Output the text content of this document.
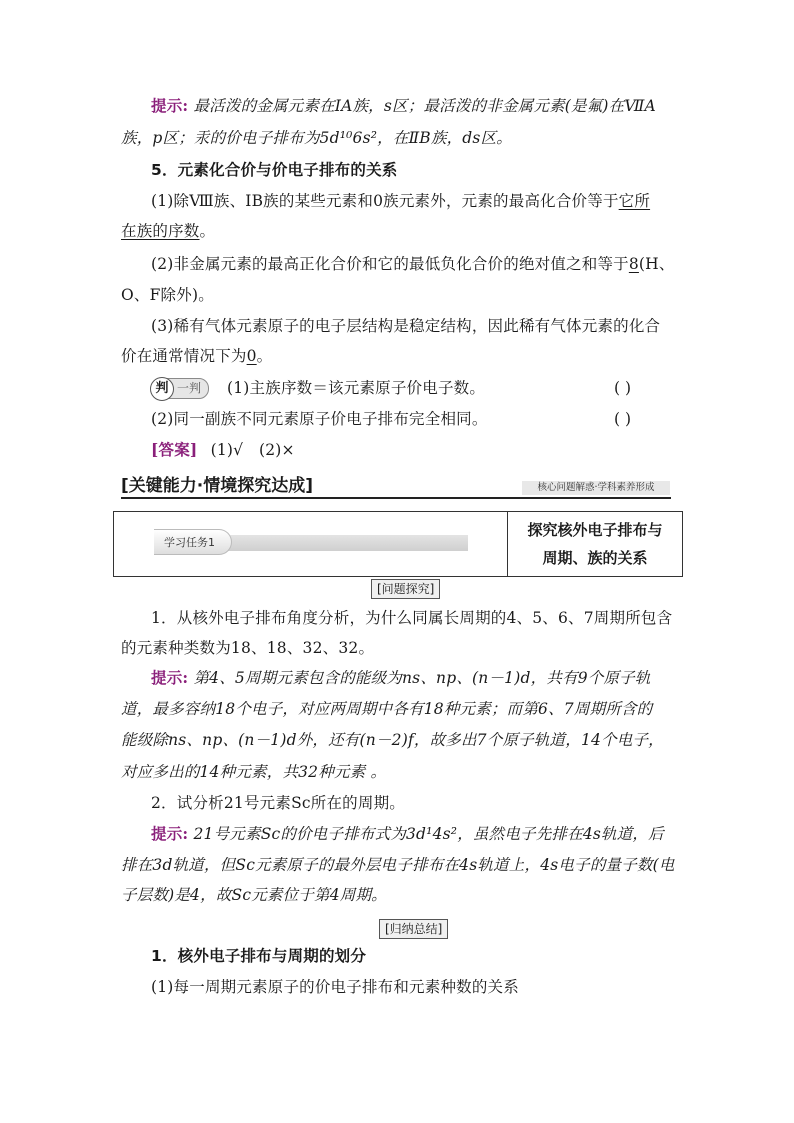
提示: 最活泼的金属元素在ⅠA族，s区；最活泼的非金属元素(是氟)在ⅦA
族，p区；汞的价电子排布为5d¹⁰6s²，在ⅡB族，ds区。
5．元素化合价与价电子排布的关系
(1)除Ⅷ族、ⅠB族的某些元素和0族元素外，元素的最高化合价等于它所
在族的序数。
(2)非金属元素的最高正化合价和它的最低负化合价的绝对值之和等于8(H、
O、F除外)。
(3)稀有气体元素原子的电子层结构是稳定结构，因此稀有气体元素的化合
价在通常情况下为0。
判 一判 (1)主族序数＝该元素原子价电子数。	( )
(2)同一副族不同元素原子价电子排布完全相同。	( )
[答案] (1)√　(2)×
[关键能力·情境探究达成]	核心问题解惑·学科素养形成
学习任务1
探究核外电子排布与
周期、族的关系
[问题探究]
1．从核外电子排布角度分析，为什么同属长周期的4、5、6、7周期所包含
的元素种类数为18、18、32、32。
提示: 第4、5周期元素包含的能级为ns、np、(n－1)d，共有9个原子轨
道，最多容纳18个电子，对应两周期中各有18种元素；而第6、7周期所含的
能级除ns、np、(n－1)d外，还有(n－2)f，故多出7个原子轨道，14个电子，
对应多出的14种元素，共32种元素 。
2．试分析21号元素Sc所在的周期。
提示: 21号元素Sc的价电子排布式为3d¹4s²，虽然电子先排在4s轨道，后
排在3d轨道，但Sc元素原子的最外层电子排布在4s轨道上，4s电子的量子数(电
子层数)是4，故Sc元素位于第4周期。
[归纳总结]
1．核外电子排布与周期的划分
(1)每一周期元素原子的价电子排布和元素种数的关系
